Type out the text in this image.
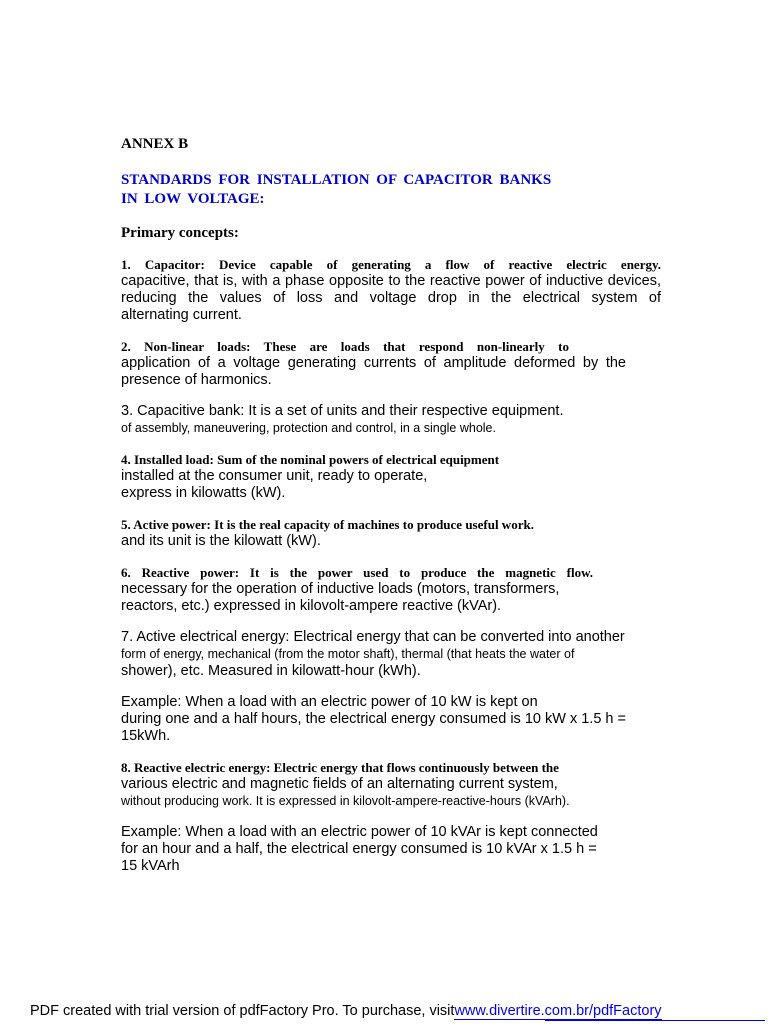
ANNEX B
STANDARDS FOR INSTALLATION OF CAPACITOR BANKS
IN LOW VOLTAGE:
Primary concepts:
1. Capacitor: Device capable of generating a flow of reactive electric energy.
capacitive, that is, with a phase opposite to the reactive power of inductive devices,
reducing the values of loss and voltage drop in the electrical system of
alternating current.
2. Non-linear loads: These are loads that respond non-linearly to
application of a voltage generating currents of amplitude deformed by the
presence of harmonics.
3. Capacitive bank: It is a set of units and their respective equipment.
of assembly, maneuvering, protection and control, in a single whole.
4. Installed load: Sum of the nominal powers of electrical equipment
installed at the consumer unit, ready to operate,
express in kilowatts (kW).
5. Active power: It is the real capacity of machines to produce useful work.
and its unit is the kilowatt (kW).
6. Reactive power: It is the power used to produce the magnetic flow.
necessary for the operation of inductive loads (motors, transformers,
reactors, etc.) expressed in kilovolt-ampere reactive (kVAr).
7. Active electrical energy: Electrical energy that can be converted into another
form of energy, mechanical (from the motor shaft), thermal (that heats the water of
shower), etc. Measured in kilowatt-hour (kWh).
Example: When a load with an electric power of 10 kW is kept on
during one and a half hours, the electrical energy consumed is 10 kW x 1.5 h =
15kWh.
8. Reactive electric energy: Electric energy that flows continuously between the
various electric and magnetic fields of an alternating current system,
without producing work. It is expressed in kilovolt-ampere-reactive-hours (kVArh).
Example: When a load with an electric power of 10 kVAr is kept connected
for an hour and a half, the electrical energy consumed is 10 kVAr x 1.5 h =
15 kVArh
PDF created with trial version of pdfFactory Pro. To purchase, visitwww.divertire.com.br/pdfFactory
